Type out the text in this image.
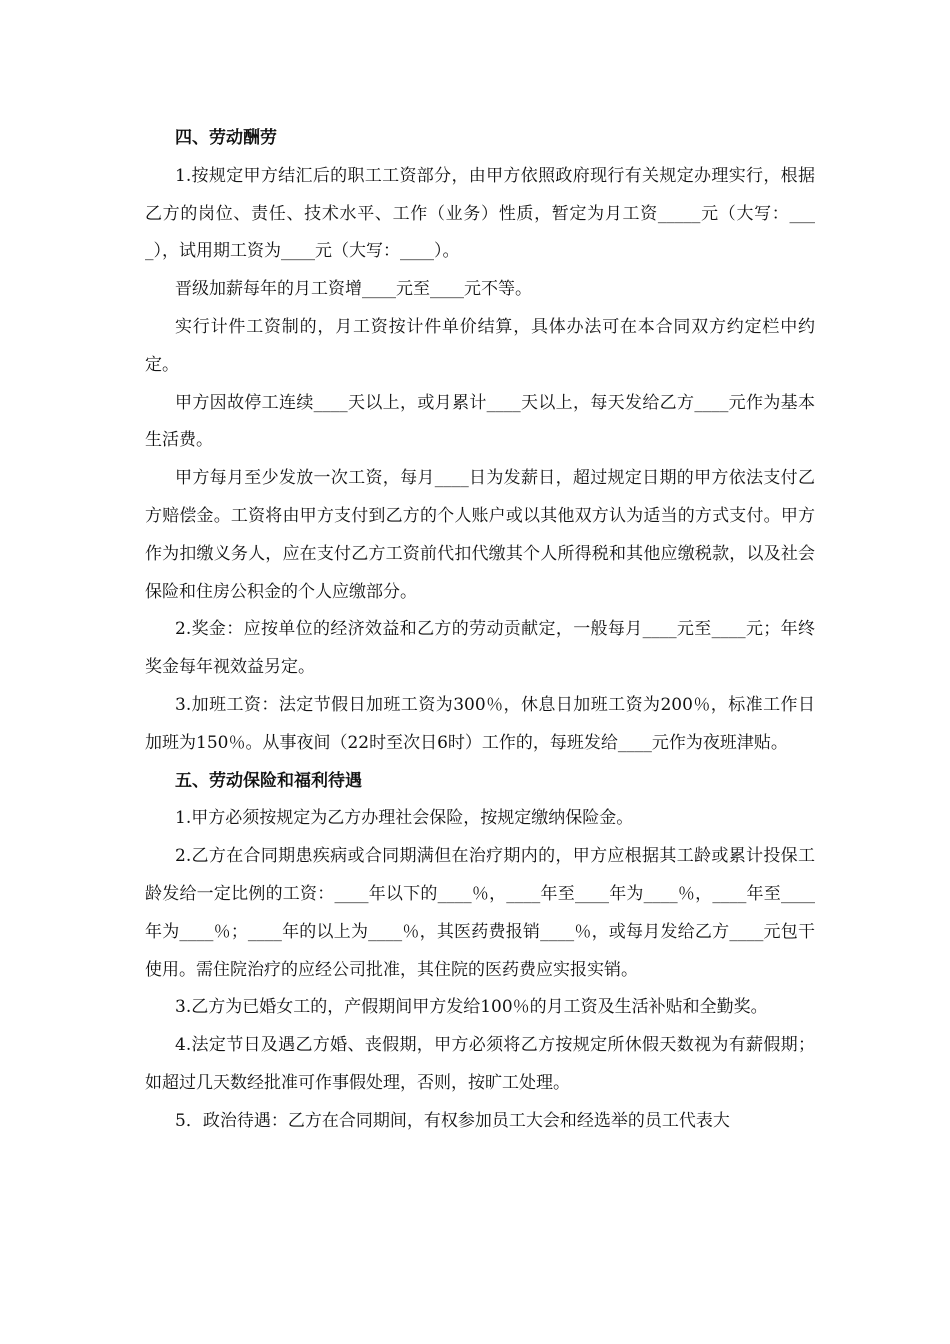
四、劳动酬劳

1.按规定甲方结汇后的职工工资部分，由甲方依照政府现行有关规定办理实行，根据乙方的岗位、责任、技术水平、工作（业务）性质，暂定为月工资_____元（大写：____），试用期工资为____元（大写：____）。

晋级加薪每年的月工资增____元至____元不等。

实行计件工资制的，月工资按计件单价结算，具体办法可在本合同双方约定栏中约定。

甲方因故停工连续____天以上，或月累计____天以上，每天发给乙方____元作为基本生活费。

甲方每月至少发放一次工资，每月____日为发薪日，超过规定日期的甲方依法支付乙方赔偿金。工资将由甲方支付到乙方的个人账户或以其他双方认为适当的方式支付。甲方作为扣缴义务人，应在支付乙方工资前代扣代缴其个人所得税和其他应缴税款，以及社会保险和住房公积金的个人应缴部分。

2.奖金：应按单位的经济效益和乙方的劳动贡献定，一般每月____元至____元；年终奖金每年视效益另定。

3.加班工资：法定节假日加班工资为300％，休息日加班工资为200％，标准工作日加班为150％。从事夜间（22时至次日6时）工作的，每班发给____元作为夜班津贴。

五、劳动保险和福利待遇

1.甲方必须按规定为乙方办理社会保险，按规定缴纳保险金。

2.乙方在合同期患疾病或合同期满但在治疗期内的，甲方应根据其工龄或累计投保工龄发给一定比例的工资：____年以下的____％，____年至____年为____％，____年至____年为____％；____年的以上为____％，其医药费报销____％，或每月发给乙方____元包干使用。需住院治疗的应经公司批准，其住院的医药费应实报实销。

3.乙方为已婚女工的，产假期间甲方发给100％的月工资及生活补贴和全勤奖。

4.法定节日及遇乙方婚、丧假期，甲方必须将乙方按规定所休假天数视为有薪假期；如超过几天数经批准可作事假处理，否则，按旷工处理。

5．政治待遇：乙方在合同期间，有权参加员工大会和经选举的员工代表大
